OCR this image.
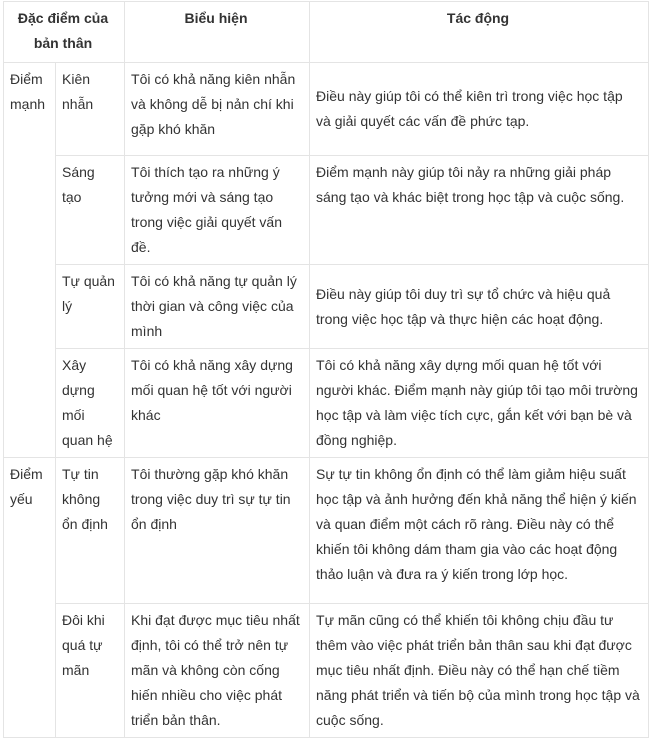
Đặc điểm của bản thân		Biểu hiện	Tác động
Điểm mạnh	Kiên nhẫn	Tôi có khả năng kiên nhẫn và không dễ bị nản chí khi gặp khó khăn	Điều này giúp tôi có thể kiên trì trong việc học tập và giải quyết các vấn đề phức tạp.
	Sáng tạo	Tôi thích tạo ra những ý tưởng mới và sáng tạo trong việc giải quyết vấn đề.	Điểm mạnh này giúp tôi nảy ra những giải pháp sáng tạo và khác biệt trong học tập và cuộc sống.
	Tự quản lý	Tôi có khả năng tự quản lý thời gian và công việc của mình	Điều này giúp tôi duy trì sự tổ chức và hiệu quả trong việc học tập và thực hiện các hoạt động.
	Xây dựng mối quan hệ	Tôi có khả năng xây dựng mối quan hệ tốt với người khác	Tôi có khả năng xây dựng mối quan hệ tốt với người khác. Điểm mạnh này giúp tôi tạo môi trường học tập và làm việc tích cực, gắn kết với bạn bè và đồng nghiệp.
Điểm yếu	Tự tin không ổn định	Tôi thường gặp khó khăn trong việc duy trì sự tự tin ổn định	Sự tự tin không ổn định có thể làm giảm hiệu suất học tập và ảnh hưởng đến khả năng thể hiện ý kiến và quan điểm một cách rõ ràng. Điều này có thể khiến tôi không dám tham gia vào các hoạt động thảo luận và đưa ra ý kiến trong lớp học.
	Đôi khi quá tự mãn	Khi đạt được mục tiêu nhất định, tôi có thể trở nên tự mãn và không còn cống hiến nhiều cho việc phát triển bản thân.	Tự mãn cũng có thể khiến tôi không chịu đầu tư thêm vào việc phát triển bản thân sau khi đạt được mục tiêu nhất định. Điều này có thể hạn chế tiềm năng phát triển và tiến bộ của mình trong học tập và cuộc sống.
